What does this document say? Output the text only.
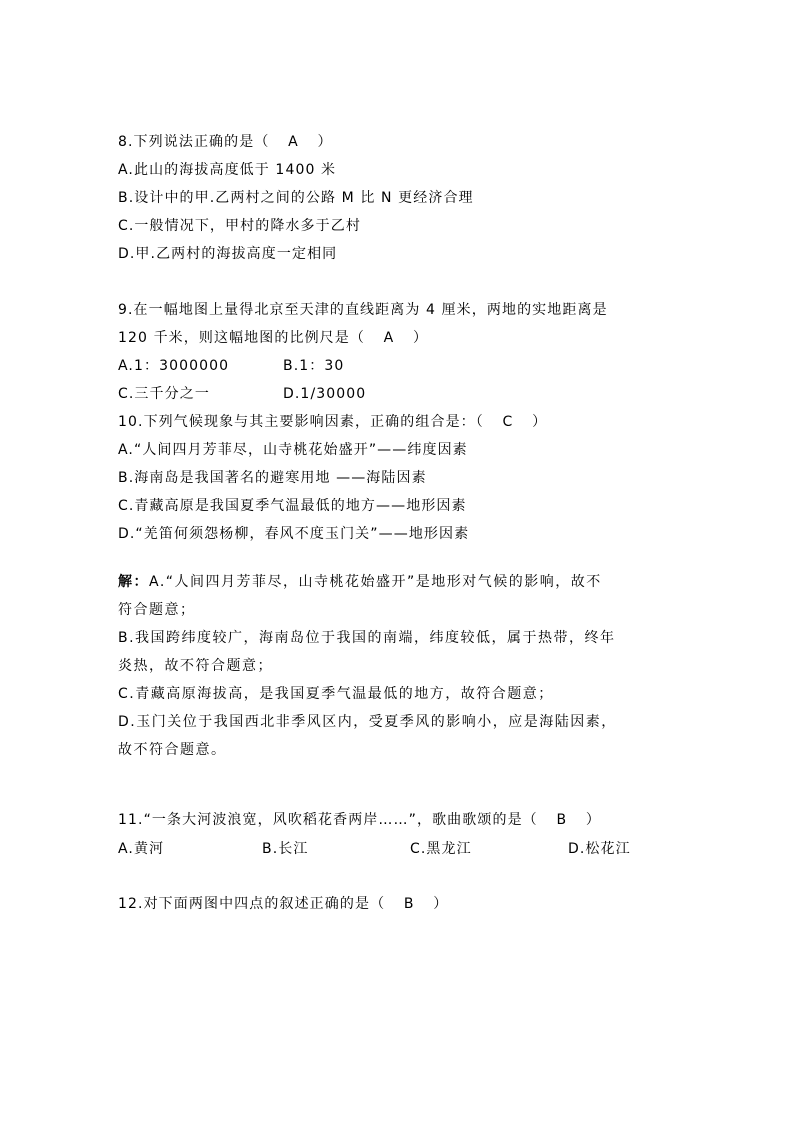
8.下列说法正确的是（ A ）

A.此山的海拔高度低于 1400 米

B.设计中的甲.乙两村之间的公路 M 比 N 更经济合理

C.一般情况下，甲村的降水多于乙村

D.甲.乙两村的海拔高度一定相同

9.在一幅地图上量得北京至天津的直线距离为 4 厘米，两地的实地距离是

120 千米，则这幅地图的比例尺是（ A ）

A.1：3000000	B.1：30
C.三千分之一	D.1/30000

10.下列气候现象与其主要影响因素，正确的组合是：（ C ）

A.“人间四月芳菲尽，山寺桃花始盛开”——纬度因素

B.海南岛是我国著名的避寒用地 ——海陆因素

C.青藏高原是我国夏季气温最低的地方——地形因素

D.“羌笛何须怨杨柳，春风不度玉门关”——地形因素

解：A.“人间四月芳菲尽，山寺桃花始盛开”是地形对气候的影响，故不

符合题意；

B.我国跨纬度较广，海南岛位于我国的南端，纬度较低，属于热带，终年

炎热，故不符合题意；

C.青藏高原海拔高，是我国夏季气温最低的地方，故符合题意；

D.玉门关位于我国西北非季风区内，受夏季风的影响小，应是海陆因素，

故不符合题意。

11.“一条大河波浪宽，风吹稻花香两岸……”，歌曲歌颂的是（ B ）

A.黄河	B.长江	C.黑龙江	D.松花江

12.对下面两图中四点的叙述正确的是（ B ）
